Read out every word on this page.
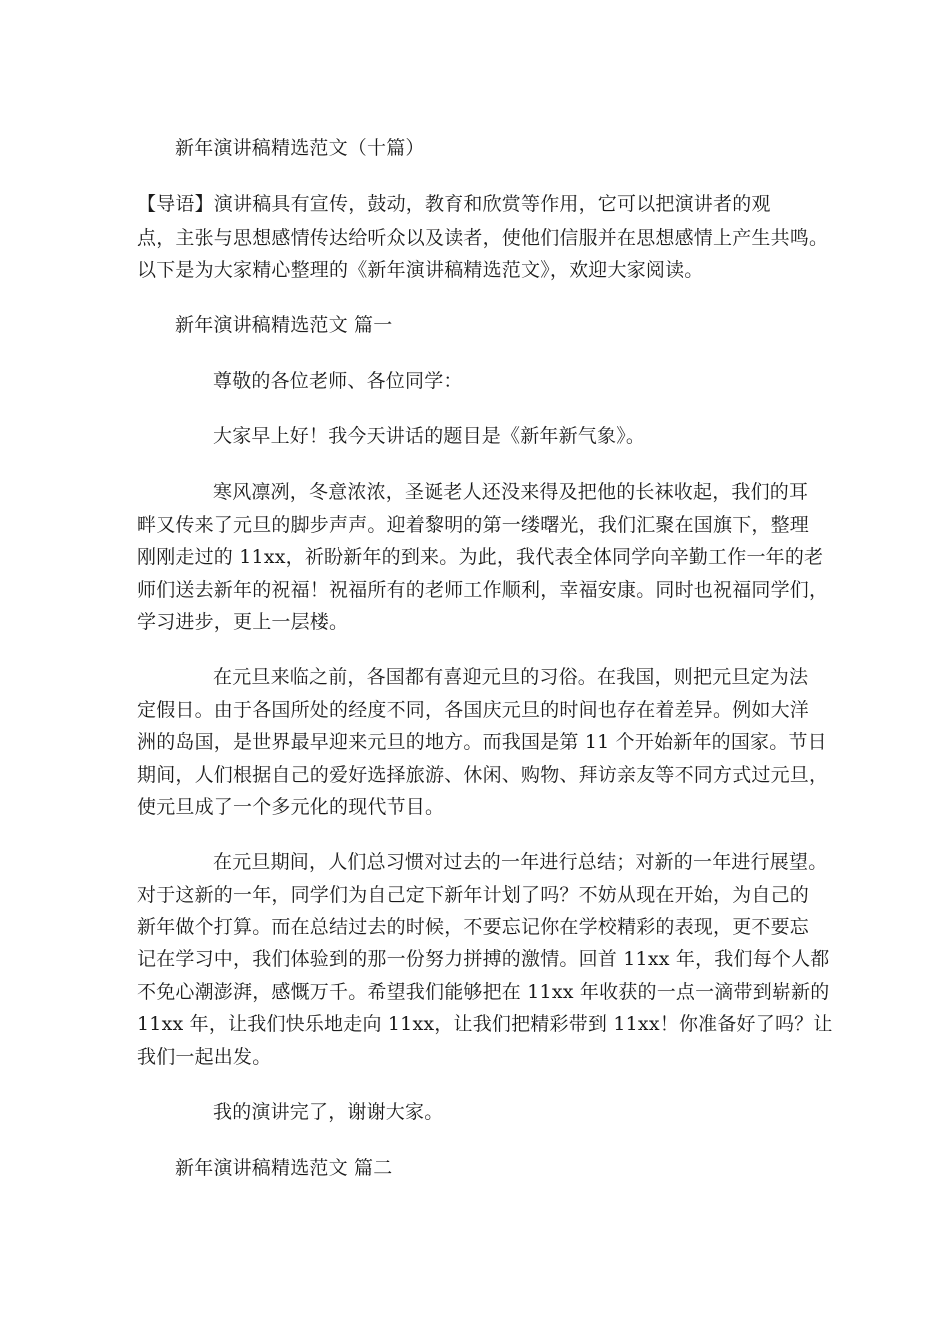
新年演讲稿精选范文（十篇）
【导语】演讲稿具有宣传，鼓动，教育和欣赏等作用，它可以把演讲者的观
点，主张与思想感情传达给听众以及读者，使他们信服并在思想感情上产生共鸣。
以下是为大家精心整理的《新年演讲稿精选范文》，欢迎大家阅读。
新年演讲稿精选范文 篇一
尊敬的各位老师、各位同学：
大家早上好！我今天讲话的题目是《新年新气象》。
寒风凛冽，冬意浓浓，圣诞老人还没来得及把他的长袜收起，我们的耳
畔又传来了元旦的脚步声声。迎着黎明的第一缕曙光，我们汇聚在国旗下，整理
刚刚走过的 11xx，祈盼新年的到来。为此，我代表全体同学向辛勤工作一年的老
师们送去新年的祝福！祝福所有的老师工作顺利，幸福安康。同时也祝福同学们，
学习进步，更上一层楼。
在元旦来临之前，各国都有喜迎元旦的习俗。在我国，则把元旦定为法
定假日。由于各国所处的经度不同，各国庆元旦的时间也存在着差异。例如大洋
洲的岛国，是世界最早迎来元旦的地方。而我国是第 11 个开始新年的国家。节日
期间，人们根据自己的爱好选择旅游、休闲、购物、拜访亲友等不同方式过元旦，
使元旦成了一个多元化的现代节目。
在元旦期间，人们总习惯对过去的一年进行总结；对新的一年进行展望。
对于这新的一年，同学们为自己定下新年计划了吗？不妨从现在开始，为自己的
新年做个打算。而在总结过去的时候，不要忘记你在学校精彩的表现，更不要忘
记在学习中，我们体验到的那一份努力拼搏的激情。回首 11xx 年，我们每个人都
不免心潮澎湃，感慨万千。希望我们能够把在 11xx 年收获的一点一滴带到崭新的
11xx 年，让我们快乐地走向 11xx，让我们把精彩带到 11xx！你准备好了吗？让
我们一起出发。
我的演讲完了，谢谢大家。
新年演讲稿精选范文 篇二
